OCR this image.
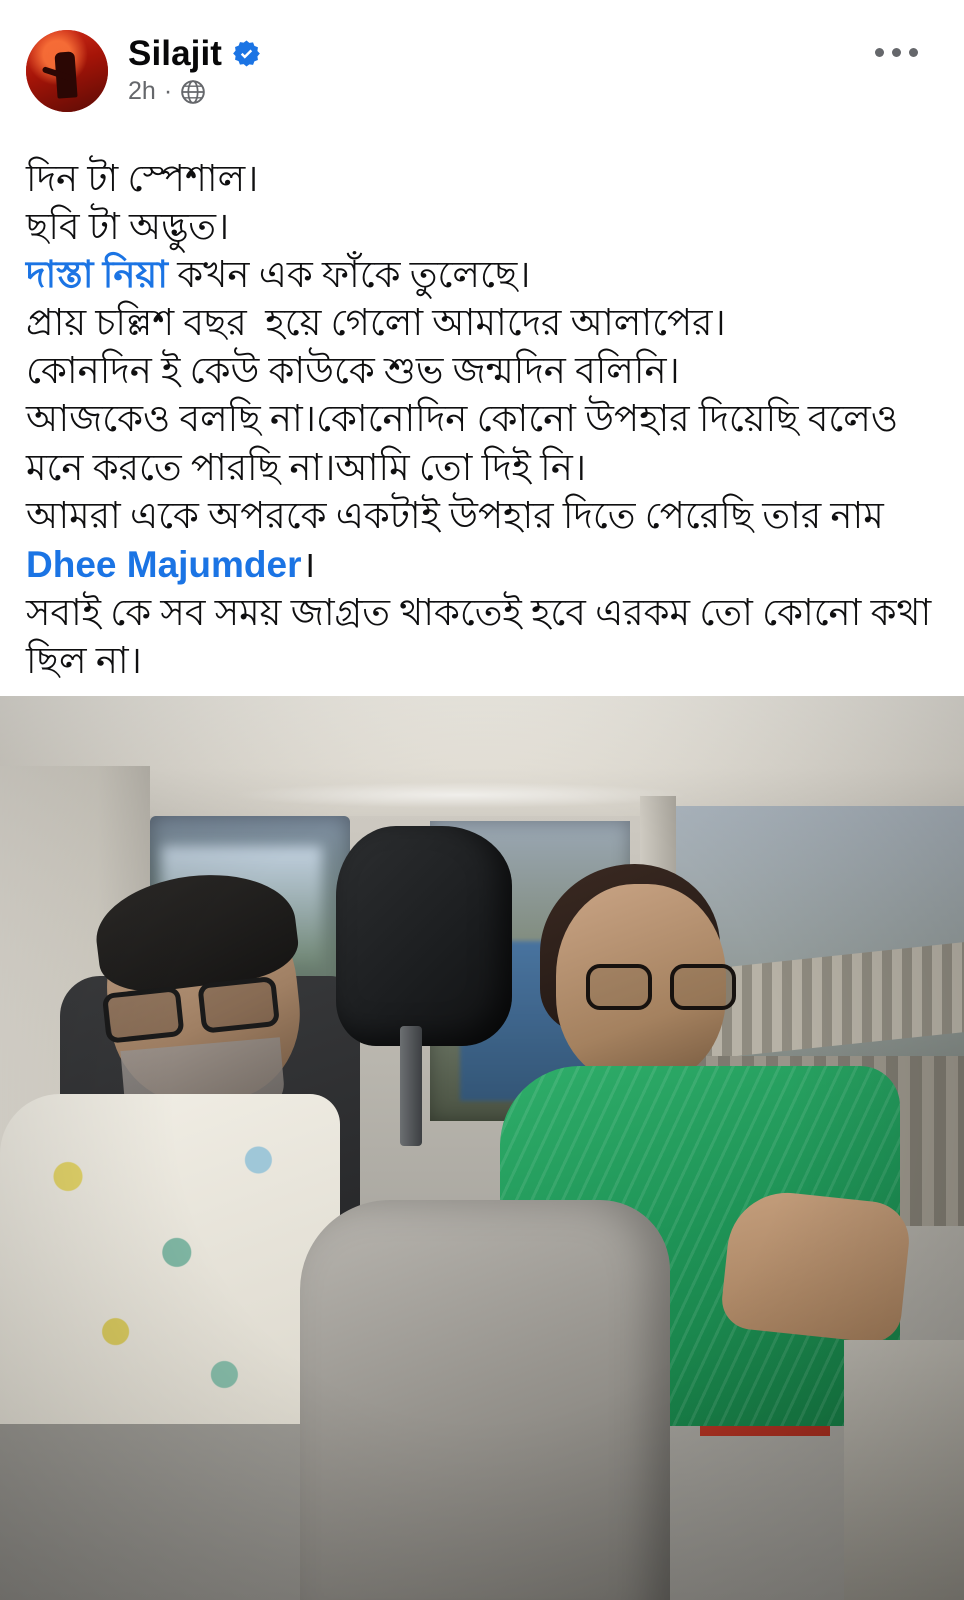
Silajit
2h ·
দিন টা স্পেশাল।
ছবি টা অদ্ভুত।
দাস্তা নিয়া কখন এক ফাঁকে তুলেছে।
প্রায় চল্লিশ বছর  হয়ে গেলো আমাদের আলাপের।
কোনদিন ই কেউ কাউকে শুভ জন্মদিন বলিনি।
আজকেও বলছি না।কোনোদিন কোনো উপহার দিয়েছি বলেও মনে করতে পারছি না।আমি তো দিই নি।
আমরা একে অপরকে একটাই উপহার দিতে পেরেছি তার নাম Dhee Majumder।
সবাই কে সব সময় জাগ্রত থাকতেই হবে এরকম তো কোনো কথা ছিল না।
